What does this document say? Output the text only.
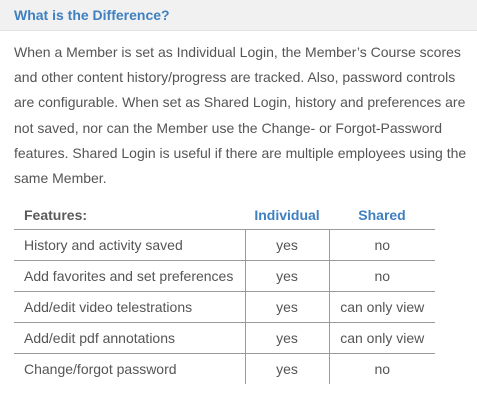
What is the Difference?

When a Member is set as Individual Login, the Member’s Course scores and other content history/progress are tracked. Also, password controls are configurable. When set as Shared Login, history and preferences are not saved, nor can the Member use the Change- or Forgot-Password features. Shared Login is useful if there are multiple employees using the same Member.

Features:	Individual	Shared
History and activity saved	yes	no
Add favorites and set preferences	yes	no
Add/edit video telestrations	yes	can only view
Add/edit pdf annotations	yes	can only view
Change/forgot password	yes	no
